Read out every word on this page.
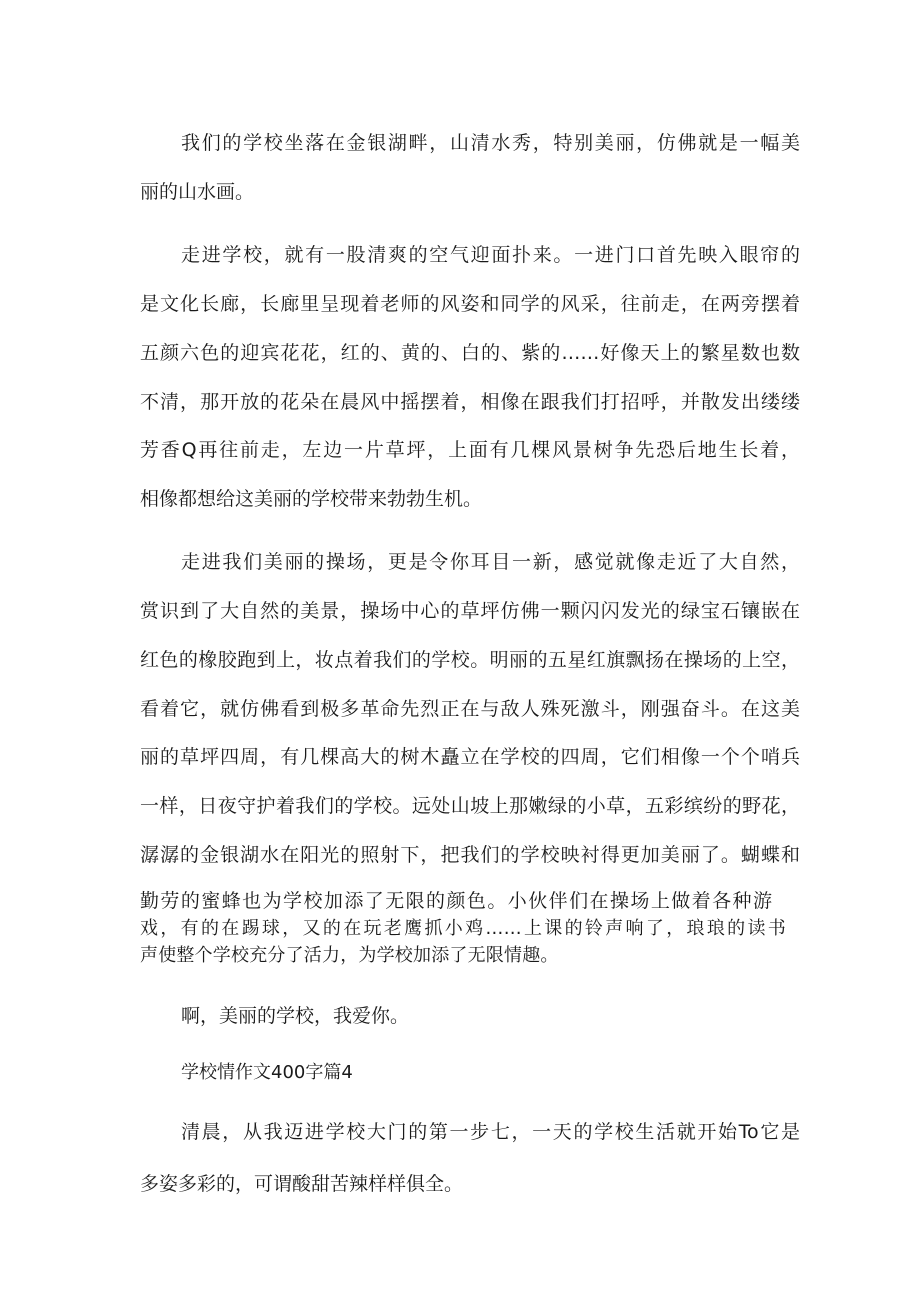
我们的学校坐落在金银湖畔，山清水秀，特别美丽，仿佛就是一幅美
丽的山水画。
走进学校，就有一股清爽的空气迎面扑来。一进门口首先映入眼帘的
是文化长廊，长廊里呈现着老师的风姿和同学的风采，往前走，在两旁摆着
五颜六色的迎宾花花，红的、黄的、白的、紫的……好像天上的繁星数也数
不清，那开放的花朵在晨风中摇摆着，相像在跟我们打招呼，并散发出缕缕
芳香Q再往前走，左边一片草坪，上面有几棵风景树争先恐后地生长着，
相像都想给这美丽的学校带来勃勃生机。
走进我们美丽的操场，更是令你耳目一新，感觉就像走近了大自然，
赏识到了大自然的美景，操场中心的草坪仿佛一颗闪闪发光的绿宝石镶嵌在
红色的橡胶跑到上，妆点着我们的学校。明丽的五星红旗飘扬在操场的上空，
看着它，就仿佛看到极多革命先烈正在与敌人殊死激斗，刚强奋斗。在这美
丽的草坪四周，有几棵高大的树木矗立在学校的四周，它们相像一个个哨兵
一样，日夜守护着我们的学校。远处山坡上那嫩绿的小草，五彩缤纷的野花，
潺潺的金银湖水在阳光的照射下，把我们的学校映衬得更加美丽了。蝴蝶和
勤劳的蜜蜂也为学校加添了无限的颜色。小伙伴们在操场上做着各种游
戏，有的在踢球，又的在玩老鹰抓小鸡……上课的铃声响了，琅琅的读书
声使整个学校充分了活力，为学校加添了无限情趣。
啊，美丽的学校，我爱你。
学校情作文400字篇4
清晨，从我迈进学校大门的第一步七，一天的学校生活就开始To它是
多姿多彩的，可谓酸甜苦辣样样俱全。
